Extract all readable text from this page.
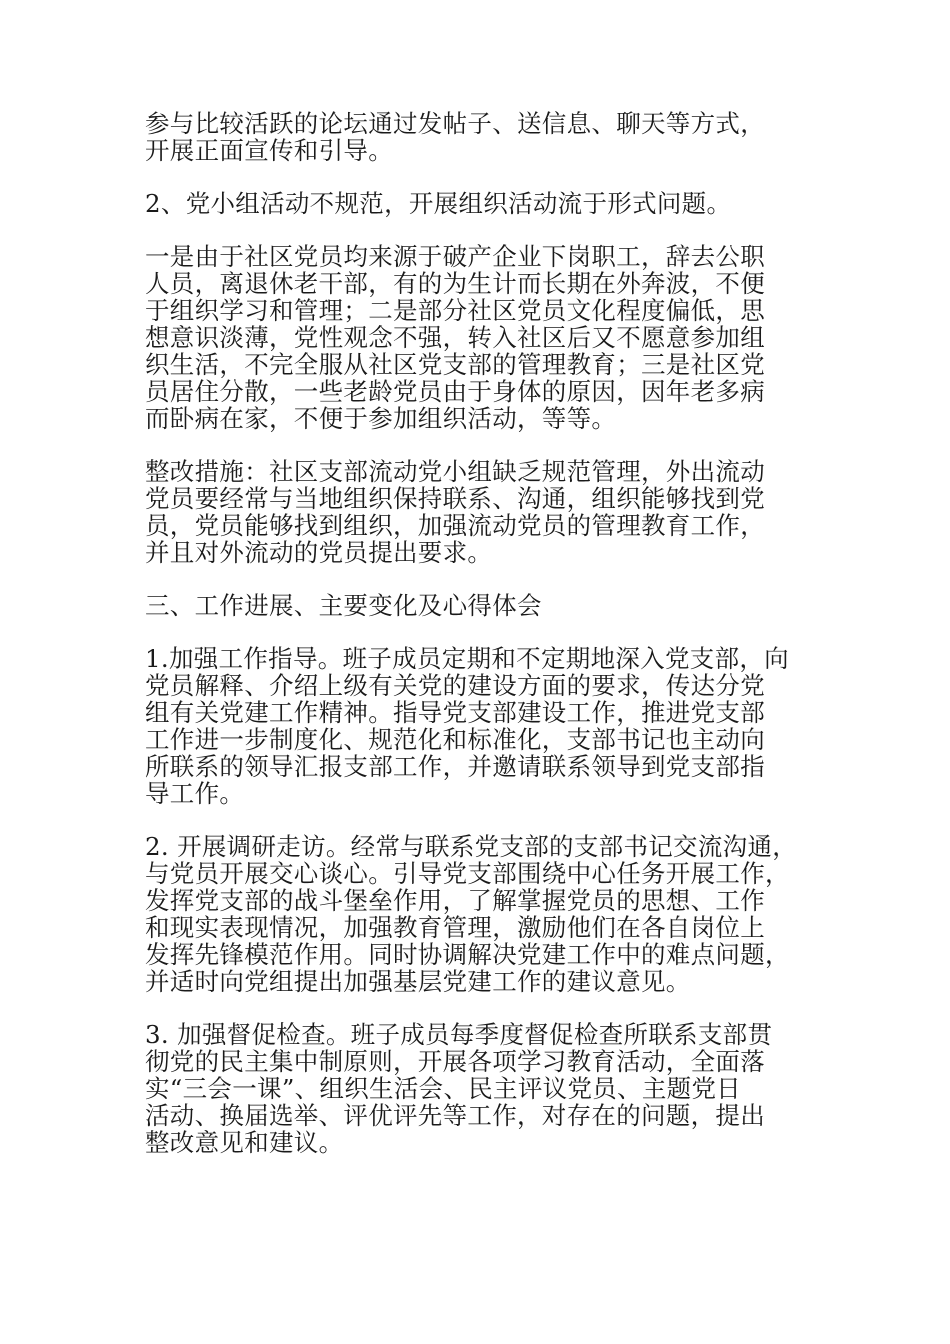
参与比较活跃的论坛通过发帖子、送信息、聊天等方式，
开展正面宣传和引导。

2、党小组活动不规范，开展组织活动流于形式问题。

一是由于社区党员均来源于破产企业下岗职工，辞去公职
人员，离退休老干部，有的为生计而长期在外奔波，不便
于组织学习和管理；二是部分社区党员文化程度偏低，思
想意识淡薄，党性观念不强，转入社区后又不愿意参加组
织生活，不完全服从社区党支部的管理教育；三是社区党
员居住分散，一些老龄党员由于身体的原因，因年老多病
而卧病在家，不便于参加组织活动，等等。

整改措施：社区支部流动党小组缺乏规范管理，外出流动
党员要经常与当地组织保持联系、沟通，组织能够找到党
员，党员能够找到组织，加强流动党员的管理教育工作，
并且对外流动的党员提出要求。

三、工作进展、主要变化及心得体会

1.加强工作指导。班子成员定期和不定期地深入党支部，向
党员解释、介绍上级有关党的建设方面的要求，传达分党
组有关党建工作精神。指导党支部建设工作，推进党支部
工作进一步制度化、规范化和标准化，支部书记也主动向
所联系的领导汇报支部工作，并邀请联系领导到党支部指
导工作。

2. 开展调研走访。经常与联系党支部的支部书记交流沟通，
与党员开展交心谈心。引导党支部围绕中心任务开展工作，
发挥党支部的战斗堡垒作用，了解掌握党员的思想、工作
和现实表现情况，加强教育管理，激励他们在各自岗位上
发挥先锋模范作用。同时协调解决党建工作中的难点问题，
并适时向党组提出加强基层党建工作的建议意见。

3. 加强督促检查。班子成员每季度督促检查所联系支部贯
彻党的民主集中制原则，开展各项学习教育活动，全面落
实“三会一课”、组织生活会、民主评议党员、主题党日
活动、换届选举、评优评先等工作，对存在的问题，提出
整改意见和建议。
